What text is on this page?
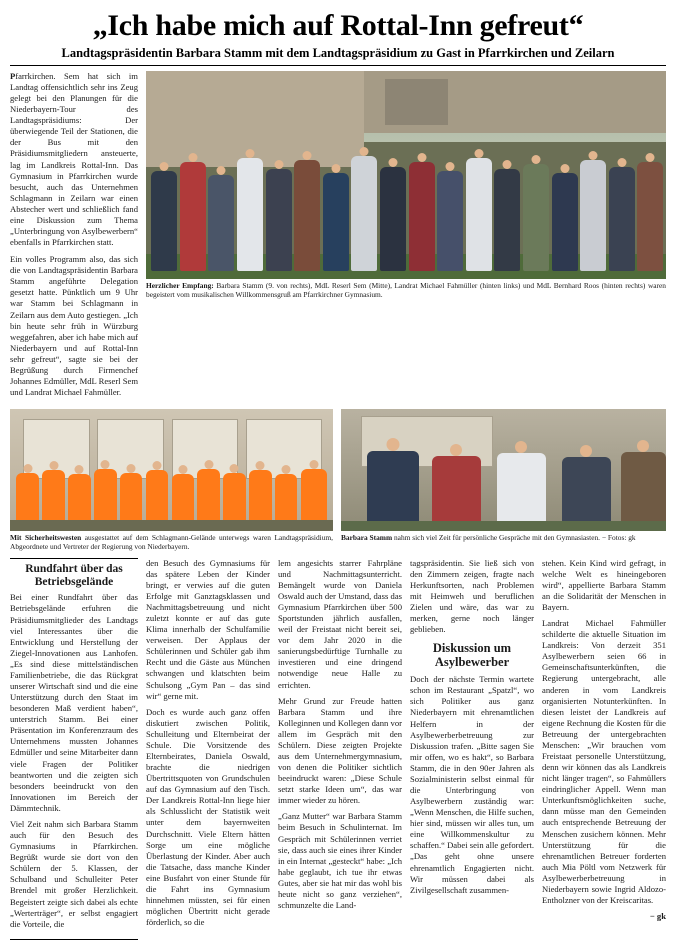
„Ich habe mich auf Rottal-Inn gefreut“
Landtagspräsidentin Barbara Stamm mit dem Landtagspräsidium zu Gast in Pfarrkirchen und Zeilarn

Pfarrkirchen. Sem hat sich im Landtag offensichtlich sehr ins Zeug gelegt bei den Planungen für die Niederbayern-Tour des Landtagspräsidiums: Der überwiegende Teil der Stationen, die der Bus mit den Präsidiumsmitgliedern ansteuerte, lag im Landkreis Rottal-Inn. Das Gymnasium in Pfarrkirchen wurde besucht, auch das Unternehmen Schlagmann in Zeilarn war einen Abstecher wert und schließlich fand eine Diskussion zum Thema „Unterbringung von Asylbewerbern“ ebenfalls in Pfarrkirchen statt.

Ein volles Programm also, das sich die von Landtagspräsidentin Barbara Stamm angeführte Delegation gesetzt hatte. Pünktlich um 9 Uhr war Stamm bei Schlagmann in Zeilarn aus dem Auto gestiegen. „Ich bin heute sehr früh in Würzburg weggefahren, aber ich habe mich auf Niederbayern und auf Rottal-Inn sehr gefreut“, sagte sie bei der Begrüßung durch Firmenchef Johannes Edmüller, MdL Reserl Sem und Landrat Michael Fahmüller.

Herzlicher Empfang: Barbara Stamm (9. von rechts), MdL Reserl Sem (Mitte), Landrat Michael Fahmüller (hinten links) und MdL Bernhard Roos (hinten rechts) waren begeistert vom musikalischen Willkommensgruß am Pfarrkirchner Gymnasium.
Mit Sicherheitswesten ausgestattet auf dem Schlagmann-Gelände unterwegs waren Landtagspräsidium, Abgeordnete und Vertreter der Regierung von Niederbayern.
Barbara Stamm nahm sich viel Zeit für persönliche Gespräche mit den Gymnasiasten. − Fotos: gk
Rundfahrt über das Betriebsgelände

Bei einer Rundfahrt über das Betriebsgelände erfuhren die Präsidiumsmitglieder des Landtags viel Interessantes über die Entwicklung und Herstellung der Ziegel-Innovationen aus Lanhofen. „Es sind diese mittelständischen Familienbetriebe, die das Rückgrat unserer Wirtschaft sind und die eine Unterstützung durch den Staat im besonderen Maß verdient haben“, unterstrich Stamm. Bei einer Präsentation im Konferenzraum des Unternehmens mussten Johannes Edmüller und seine Mitarbeiter dann viele Fragen der Politiker beantworten und die zeigten sich besonders beeindruckt von den Innovationen im Bereich der Dämmtechnik.

Viel Zeit nahm sich Barbara Stamm auch für den Besuch des Gymnasiums in Pfarrkirchen. Begrüßt wurde sie dort von den Schülern der 5. Klassen, der Schulband und Schulleiter Peter Brendel mit großer Herzlichkeit. Begeistert zeigte sich dabei als echte „Werterträger“, er selbst engagiert die Vorteile, die

den Besuch des Gymnasiums für das spätere Leben der Kinder bringt, er verwies auf die guten Erfolge mit Ganztagsklassen und Nachmittagsbetreuung und nicht zuletzt konnte er auf das gute Klima innerhalb der Schulfamilie verweisen. Der Applaus der Schülerinnen und Schüler gab ihm Recht und die Gäste aus München schwangen und klatschten beim Schulsong „Gym Pan – das sind wir“ gerne mit.

Doch es wurde auch ganz offen diskutiert zwischen Politik, Schulleitung und Elternbeirat der Schule. Die Vorsitzende des Elternbeirates, Daniela Oswald, brachte die niedrigen Übertrittsquoten von Grundschulen auf das Gymnasium auf den Tisch. Der Landkreis Rottal-Inn liege hier als Schlusslicht der Statistik weit unter dem bayernweiten Durchschnitt. Viele Eltern hätten Sorge um eine mögliche Überlastung der Kinder. Aber auch die Tatsache, dass manche Kinder eine Busfahrt von einer Stunde für die Fahrt ins Gymnasium hinnehmen müssten, sei für einen möglichen Übertritt nicht gerade förderlich, so die

lem angesichts starrer Fahrpläne und Nachmittagsunterricht. Bemängelt wurde von Daniela Oswald auch der Umstand, dass das Gymnasium Pfarrkirchen über 500 Sportstunden jährlich ausfallen, weil der Freistaat nicht bereit sei, vor dem Jahr 2020 in die sanierungsbedürftige Turnhalle zu investieren und eine dringend notwendige neue Halle zu errichten.

Mehr Grund zur Freude hatten Barbara Stamm und ihre Kolleginnen und Kollegen dann vor allem im Gespräch mit den Schülern. Diese zeigten Projekte aus dem Unternehmergymnasium, von denen die Politiker sichtlich beeindruckt waren: „Diese Schule setzt starke Ideen um“, das war immer wieder zu hören.

„Ganz Mutter“ war Barbara Stamm beim Besuch in Schulinternat. Im Gespräch mit Schülerinnen verriet sie, dass auch sie eines ihrer Kinder in ein Internat „gesteckt“ habe: „Ich habe geglaubt, ich tue ihr etwas Gutes, aber sie hat mir das wohl bis heute nicht so ganz verziehen“, schmunzelte die Land-

tagspräsidentin. Sie ließ sich von den Zimmern zeigen, fragte nach Herkunftsorten, nach Problemen mit Heimweh und beruflichen Zielen und wäre, das war zu merken, gerne noch länger geblieben.

Diskussion um Asylbewerber

Doch der nächste Termin wartete schon im Restaurant „Spatzl“, wo sich Politiker aus ganz Niederbayern mit ehrenamtlichen Helfern in der Asylbewerberbetreuung zur Diskussion trafen. „Bitte sagen Sie mir offen, wo es hakt“, so Barbara Stamm, die in den 90er Jahren als Sozialministerin selbst einmal für die Unterbringung von Asylbewerbern zuständig war: „Wenn Menschen, die Hilfe suchen, hier sind, müssen wir alles tun, um eine Willkommenskultur zu schaffen.“ Dabei sein alle gefordert. „Das geht ohne unsere ehrenamtlich Engagierten nicht. Wir müssen dabei als Zivilgesellschaft zusammen-

stehen. Kein Kind wird gefragt, in welche Welt es hineingeboren wird“, appellierte Barbara Stamm an die Solidarität der Menschen in Bayern.

Landrat Michael Fahmüller schilderte die aktuelle Situation im Landkreis: Von derzeit 351 Asylbewerbern seien 66 in Gemeinschaftsunterkünften, die Regierung untergebracht, alle anderen in vom Landkreis organisierten Notunterkünften. In diesen leistet der Landkreis auf eigene Rechnung die Kosten für die Betreuung der untergebrachten Menschen: „Wir brauchen vom Freistaat personelle Unterstützung, denn wir können das als Landkreis nicht länger tragen“, so Fahmüllers eindringlicher Appell. Wenn man Unterkunftsmöglichkeiten suche, dann müsse man den Gemeinden auch entsprechende Betreuung der Menschen zusichern können. Mehr Unterstützung für die ehrenamtlichen Betreuer forderten auch Mia Pöltl vom Netzwerk für Asylbewerberbetreuung in Niederbayern sowie Ingrid Aldozo-Entholzner von der Kreiscaritas.

− gk
